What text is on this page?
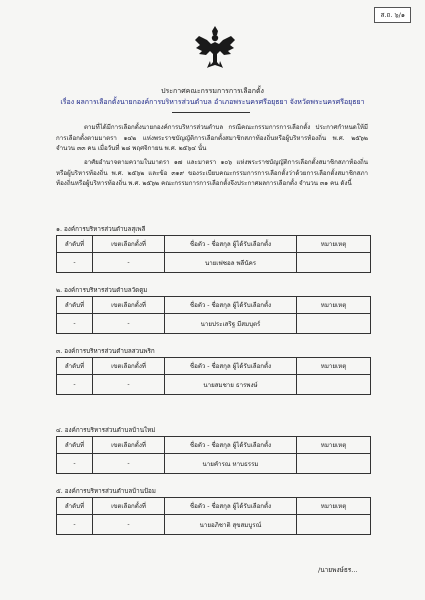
ส.ถ. ๖/๑
ประกาศคณะกรรมการการเลือกตั้ง
เรื่อง ผลการเลือกตั้งนายกองค์การบริหารส่วนตำบล อำเภอพระนครศรีอยุธยา จังหวัดพระนครศรีอยุธยา
ตามที่ได้มีการเลือกตั้งนายกองค์การบริหารส่วนตำบล กรณีคณะกรรมการการเลือกตั้ง ประกาศกำหนดให้มีการเลือกตั้งตามมาตรา ๑๔๒ แห่งพระราชบัญญัติการเลือกตั้งสมาชิกสภาท้องถิ่นหรือผู้บริหารท้องถิ่น พ.ศ. ๒๕๖๒ จำนวน ๓๓ คน เมื่อวันที่ ๒๘ พฤศจิกายน พ.ศ. ๒๕๖๔ นั้น
อาศัยอำนาจตามความในมาตรา ๑๗ และมาตรา ๑๐๖ แห่งพระราชบัญญัติการเลือกตั้งสมาชิกสภาท้องถิ่นหรือผู้บริหารท้องถิ่น พ.ศ. ๒๕๖๒ และข้อ ๓๑๙ ของระเบียบคณะกรรมการการเลือกตั้งว่าด้วยการเลือกตั้งสมาชิกสภาท้องถิ่นหรือผู้บริหารท้องถิ่น พ.ศ. ๒๕๖๒ คณะกรรมการการเลือกตั้งจึงประกาศผลการเลือกตั้ง จำนวน ๓๑ คน ดังนี้
๑. องค์การบริหารส่วนตำบลสุเพลี
ลำดับที่	เขตเลือกตั้งที่	ชื่อตัว - ชื่อสกุล ผู้ได้รับเลือกตั้ง	หมายเหตุ
-	-	นายเฟซอล พลีนัคร	
๒. องค์การบริหารส่วนตำบลวัดตูม
ลำดับที่	เขตเลือกตั้งที่	ชื่อตัว - ชื่อสกุล ผู้ได้รับเลือกตั้ง	หมายเหตุ
-	-	นายประเสริฐ มีสมบุตร์	
๓. องค์การบริหารส่วนตำบลสวนพริก
ลำดับที่	เขตเลือกตั้งที่	ชื่อตัว - ชื่อสกุล ผู้ได้รับเลือกตั้ง	หมายเหตุ
-	-	นายสมชาย ธารพงษ์	
๔. องค์การบริหารส่วนตำบลบ้านใหม่
ลำดับที่	เขตเลือกตั้งที่	ชื่อตัว - ชื่อสกุล ผู้ได้รับเลือกตั้ง	หมายเหตุ
-	-	นายคำรณ หาบธรรม	
๕. องค์การบริหารส่วนตำบลบ้านป้อม
ลำดับที่	เขตเลือกตั้งที่	ชื่อตัว - ชื่อสกุล ผู้ได้รับเลือกตั้ง	หมายเหตุ
-	-	นายอภิชาติ สุขสมบูรณ์	
/นายพงษ์ธร...
